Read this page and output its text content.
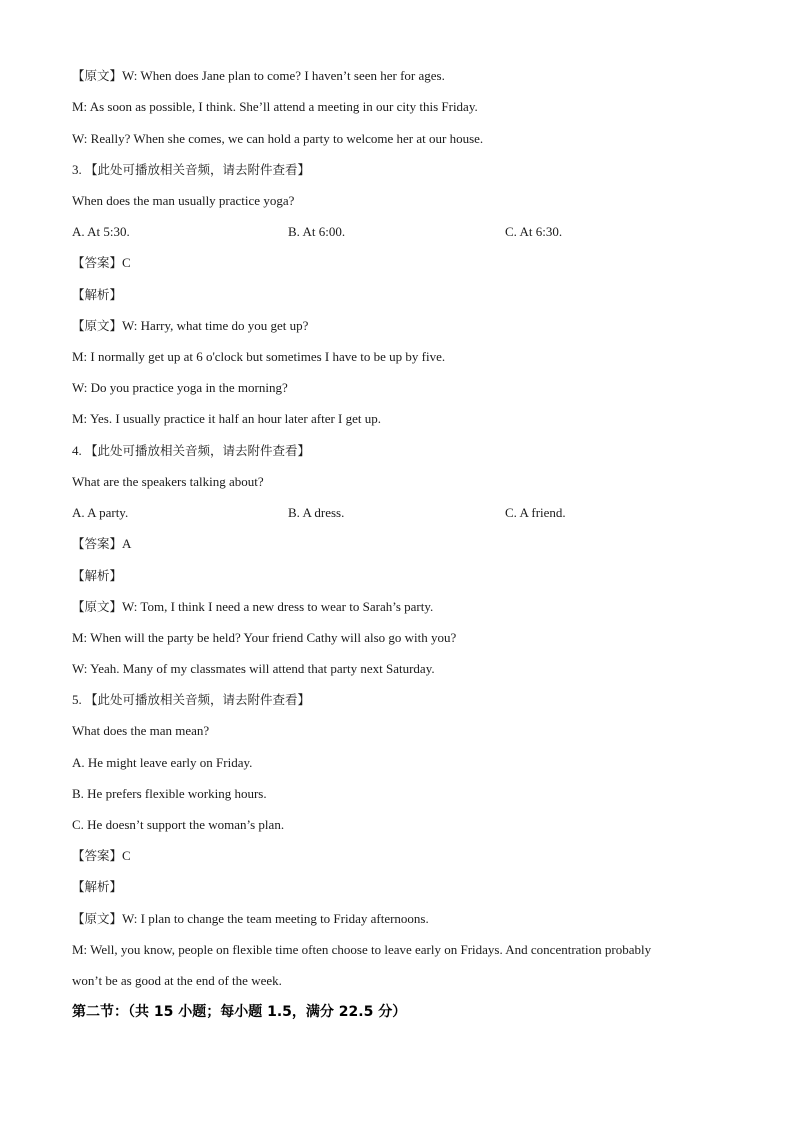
【原文】W: When does Jane plan to come? I haven’t seen her for ages.
M: As soon as possible, I think. She’ll attend a meeting in our city this Friday.
W: Really? When she comes, we can hold a party to welcome her at our house.
3. 【此处可播放相关音频，请去附件查看】
When does the man usually practice yoga?
A. At 5:30.	B. At 6:00.	C. At 6:30.
【答案】C
【解析】
【原文】W: Harry, what time do you get up?
M: I normally get up at 6 o'clock but sometimes I have to be up by five.
W: Do you practice yoga in the morning?
M: Yes. I usually practice it half an hour later after I get up.
4. 【此处可播放相关音频，请去附件查看】
What are the speakers talking about?
A. A party.	B. A dress.	C. A friend.
【答案】A
【解析】
【原文】W: Tom, I think I need a new dress to wear to Sarah’s party.
M: When will the party be held? Your friend Cathy will also go with you?
W: Yeah. Many of my classmates will attend that party next Saturday.
5. 【此处可播放相关音频，请去附件查看】
What does the man mean?
A. He might leave early on Friday.
B. He prefers flexible working hours.
C. He doesn’t support the woman’s plan.
【答案】C
【解析】
【原文】W: I plan to change the team meeting to Friday afternoons.
M: Well, you know, people on flexible time often choose to leave early on Fridays. And concentration probably
won’t be as good at the end of the week.
第二节：（共 15 小题；每小题 1.5，满分 22.5 分）
